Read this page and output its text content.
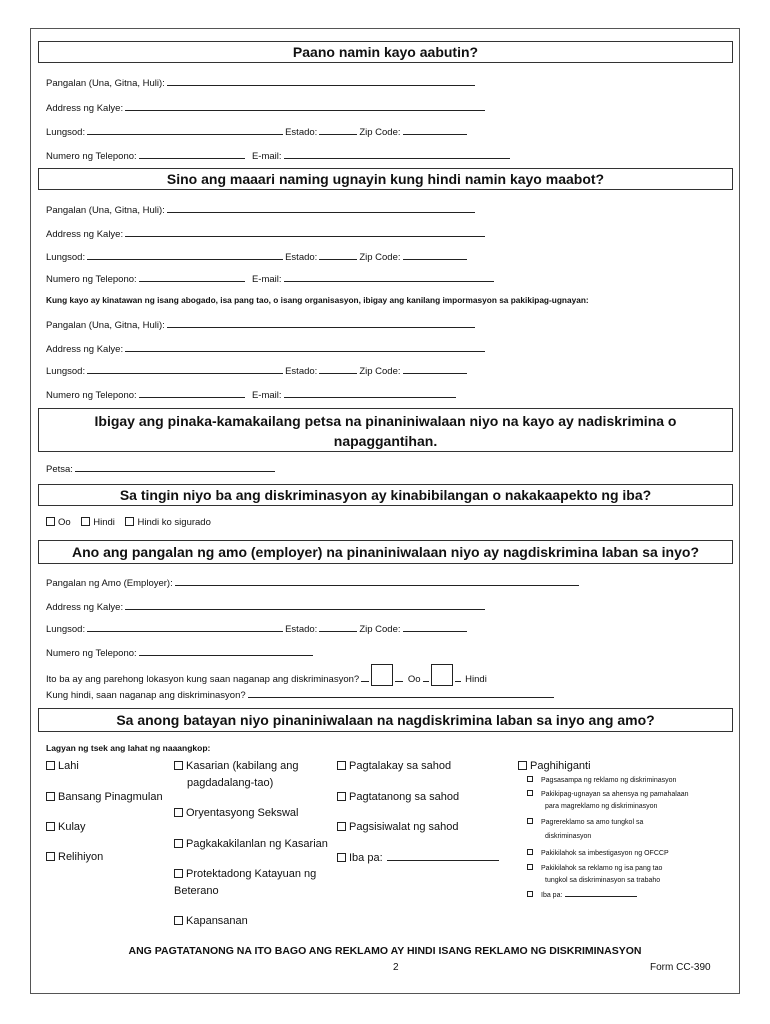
Paano namin kayo aabutin?
Pangalan (Una, Gitna, Huli):
Address ng Kalye:
Lungsod:	Estado:	Zip Code:
Numero ng Telepono:	E-mail:
Sino ang maaari naming ugnayin kung hindi namin kayo maabot?
Pangalan (Una, Gitna, Huli):
Address ng Kalye:
Lungsod:	Estado:	Zip Code:
Numero ng Telepono:	E-mail:
Kung kayo ay kinatawan ng isang abogado, isa pang tao, o isang organisasyon, ibigay ang kanilang impormasyon sa pakikipag-ugnayan:
Pangalan (Una, Gitna, Huli):
Address ng Kalye:
Lungsod:	Estado:	Zip Code:
Numero ng Telepono:	E-mail:
Ibigay ang pinaka-kamakailang petsa na pinaniniwalaan niyo na kayo ay nadiskrimina o
napaggantihan.
Petsa:
Sa tingin niyo ba ang diskriminasyon ay kinabibilangan o nakakaapekto ng iba?
Oo Hindi Hindi ko sigurado
Ano ang pangalan ng amo (employer) na pinaniniwalaan niyo ay nagdiskrimina laban sa inyo?
Pangalan ng Amo (Employer):
Address ng Kalye:
Lungsod:	Estado:	Zip Code:
Numero ng Telepono:
Ito ba ay ang parehong lokasyon kung saan naganap ang diskriminasyon?	Oo	Hindi
Kung hindi, saan naganap ang diskriminasyon?
Sa anong batayan niyo pinaniniwalaan na nagdiskrimina laban sa inyo ang amo?
Lagyan ng tsek ang lahat ng naaangkop:
Lahi
Bansang Pinagmulan
Kulay
Relihiyon
Kasarian (kabilang ang
pagdadalang-tao)
Oryentasyong Sekswal
Pagkakakilanlan ng Kasarian
Protektadong Katayuan ng
Beterano
Kapansanan
Pagtalakay sa sahod
Pagtatanong sa sahod
Pagsisiwalat ng sahod
Iba pa:
Paghihiganti
Pagsasampa ng reklamo ng diskriminasyon
Pakikipag-ugnayan sa ahensya ng pamahalaan
para magreklamo ng diskriminasyon
Pagrereklamo sa amo tungkol sa
diskriminasyon
Pakikilahok sa imbestigasyon ng OFCCP
Pakikilahok sa reklamo ng isa pang tao
tungkol sa diskriminasyon sa trabaho
Iba pa:
ANG PAGTATANONG NA ITO BAGO ANG REKLAMO AY HINDI ISANG REKLAMO NG DISKRIMINASYON
2	Form CC-390
